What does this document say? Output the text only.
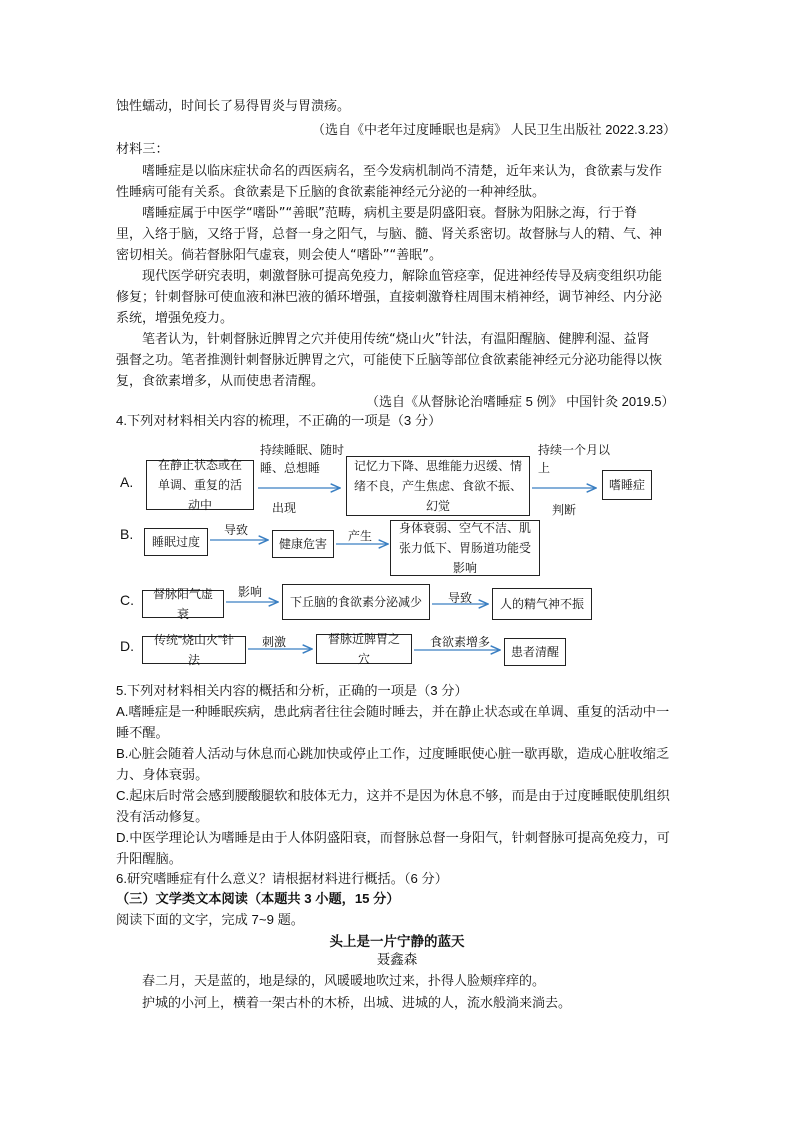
蚀性蠕动，时间长了易得胃炎与胃溃疡。
（选自《中老年过度睡眠也是病》 人民卫生出版社 2022.3.23）
材料三：
嗜睡症是以临床症状命名的西医病名，至今发病机制尚不清楚，近年来认为，食欲素与发作
性睡病可能有关系。食欲素是下丘脑的食欲素能神经元分泌的一种神经肽。
嗜睡症属于中医学“嗜卧”“善眠”范畴，病机主要是阴盛阳衰。督脉为阳脉之海，行于脊
里，入络于脑，又络于肾，总督一身之阳气，与脑、髓、肾关系密切。故督脉与人的精、气、神
密切相关。倘若督脉阳气虚衰，则会使人“嗜卧”“善眠”。
现代医学研究表明，刺激督脉可提高免疫力，解除血管痉挛，促进神经传导及病变组织功能
修复；针刺督脉可使血液和淋巴液的循环增强，直接刺激脊柱周围末梢神经，调节神经、内分泌
系统，增强免疫力。
笔者认为，针刺督脉近脾胃之穴并使用传统“烧山火”针法，有温阳醒脑、健脾利湿、益肾
强督之功。笔者推测针刺督脉近脾胃之穴，可能使下丘脑等部位食欲素能神经元分泌功能得以恢
复，食欲素增多，从而使患者清醒。
（选自《从督脉论治嗜睡症 5 例》 中国针灸 2019.5）
4.下列对材料相关内容的梳理，不正确的一项是（3 分）
A.
在静止状态或在单调、重复的活动中
持续睡眠、随时睡、总想睡
出现
记忆力下降、思维能力迟缓、情绪不良，产生焦虑、食欲不振、幻觉
持续一个月以上
判断
嗜睡症
B.	睡眠过度
导致
健康危害
产生
身体衰弱、空气不洁、肌张力低下、胃肠道功能受影响
C.	督脉阳气虚衰
影响
下丘脑的食欲素分泌减少	导致	人的精气神不振
D.	传统“烧山火”针法
刺激	督脉近脾胃之穴
食欲素增多
患者清醒
5.下列对材料相关内容的概括和分析，正确的一项是（3 分）
A.嗜睡症是一种睡眠疾病，患此病者往往会随时睡去，并在静止状态或在单调、重复的活动中一
睡不醒。
B.心脏会随着人活动与休息而心跳加快或停止工作，过度睡眠使心脏一歇再歇，造成心脏收缩乏
力、身体衰弱。
C.起床后时常会感到腰酸腿软和肢体无力，这并不是因为休息不够，而是由于过度睡眠使肌组织
没有活动修复。
D.中医学理论认为嗜睡是由于人体阴盛阳衰，而督脉总督一身阳气，针刺督脉可提高免疫力，可
升阳醒脑。
6.研究嗜睡症有什么意义？请根据材料进行概括。（6 分）
（三）文学类文本阅读（本题共 3 小题，15 分）
阅读下面的文字，完成 7~9 题。
头上是一片宁静的蓝天
聂鑫森
春二月，天是蓝的，地是绿的，风暖暖地吹过来，扑得人脸颊痒痒的。
护城的小河上，横着一架古朴的木桥，出城、进城的人，流水般淌来淌去。
